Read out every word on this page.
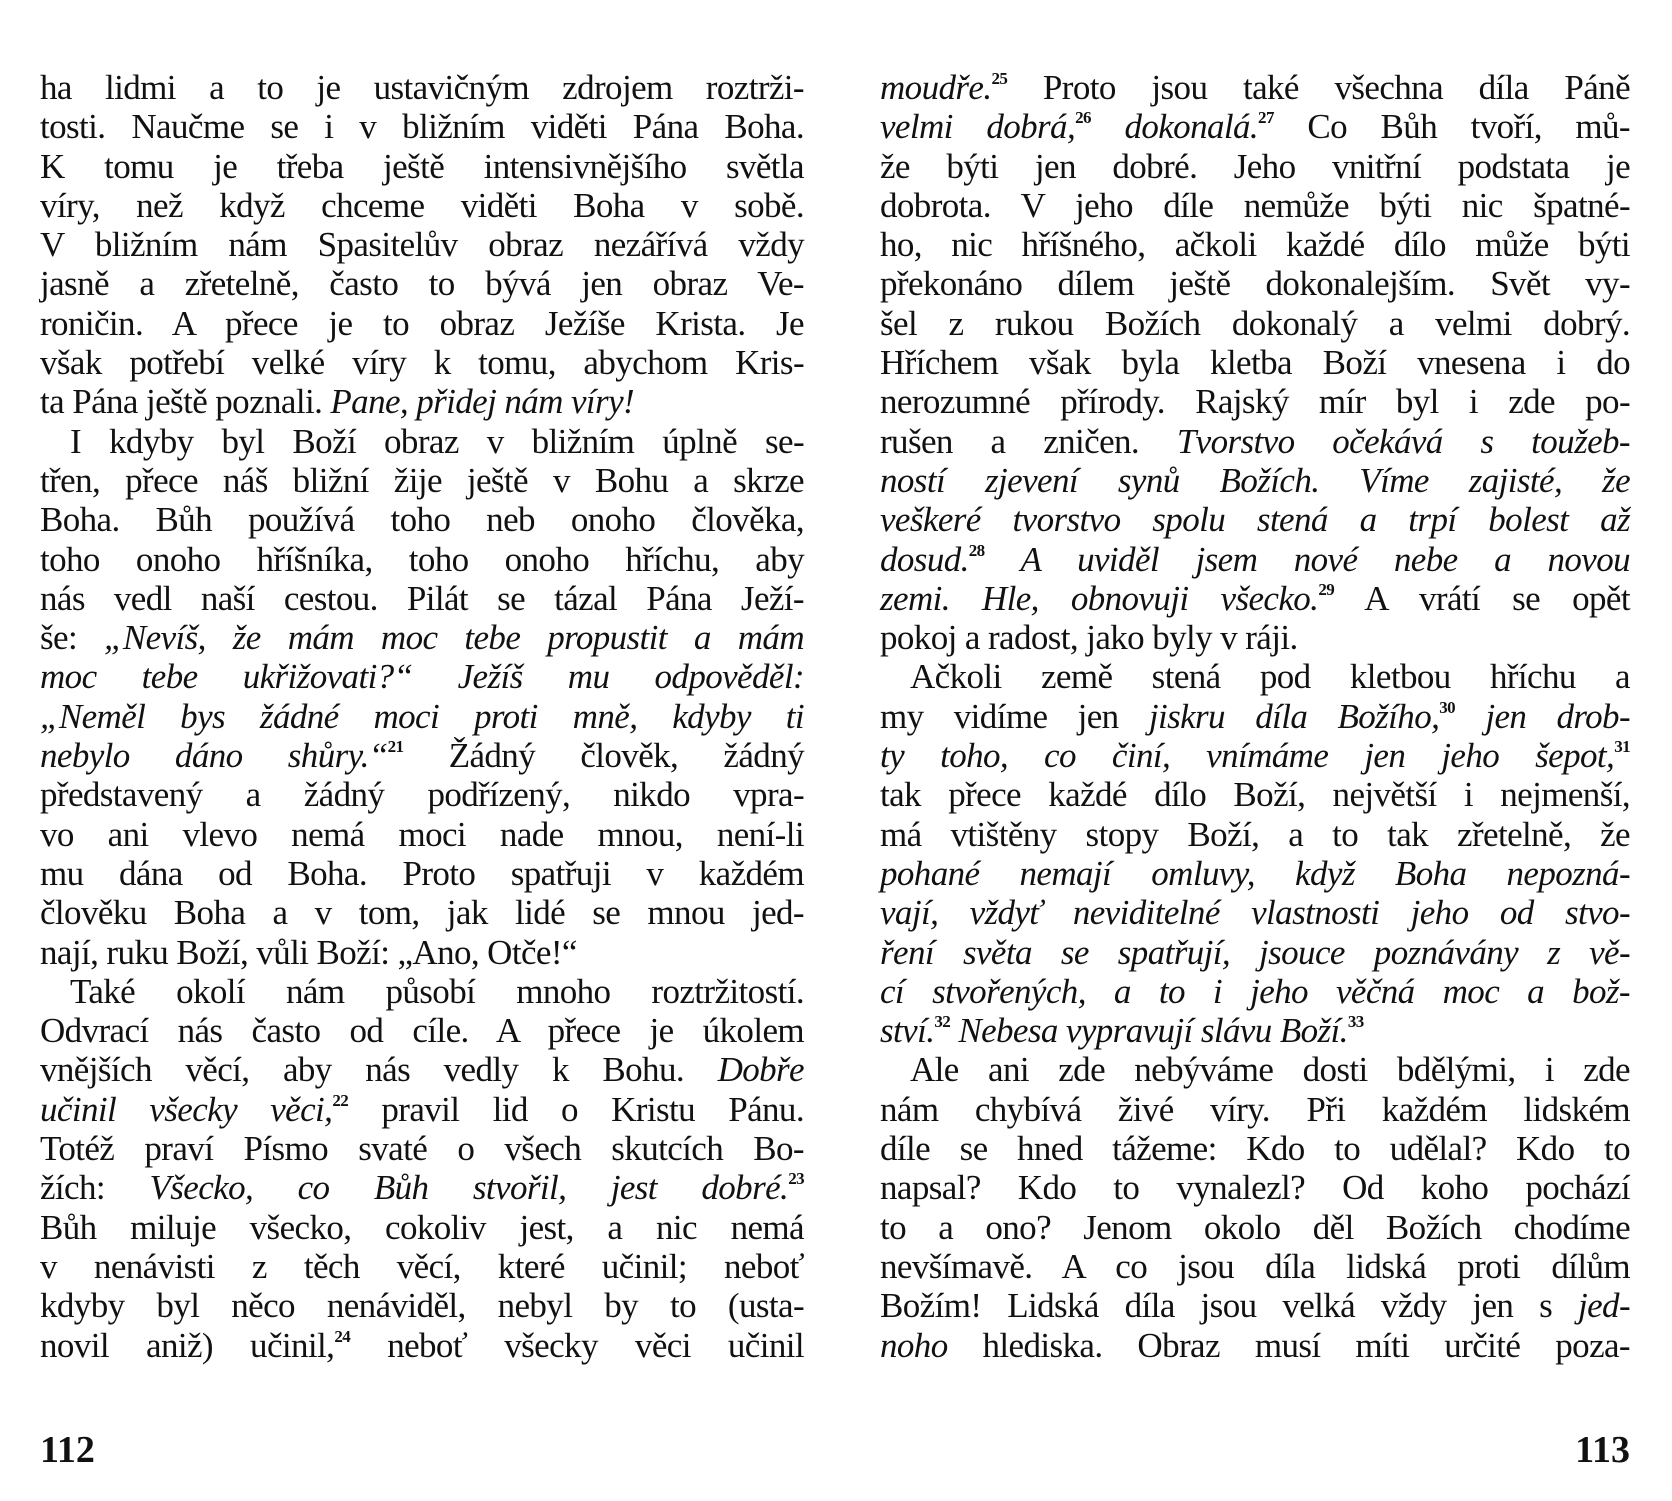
ha lidmi a to je ustavičným zdrojem roztrži-
tosti. Naučme se i v bližním viděti Pána Boha.
K tomu je třeba ještě intensivnějšího světla
víry, než když chceme viděti Boha v sobě.
V bližním nám Spasitelův obraz nezářívá vždy
jasně a zřetelně, často to bývá jen obraz Ve-
roničin. A přece je to obraz Ježíše Krista. Je
však potřebí velké víry k tomu, abychom Kris-
ta Pána ještě poznali. Pane, přidej nám víry!
I kdyby byl Boží obraz v bližním úplně se-
třen, přece náš bližní žije ještě v Bohu a skrze
Boha. Bůh používá toho neb onoho člověka,
toho onoho hříšníka, toho onoho hříchu, aby
nás vedl naší cestou. Pilát se tázal Pána Ježí-
še: „Nevíš, že mám moc tebe propustit a mám
moc tebe ukřižovati?“ Ježíš mu odpověděl:
„Neměl bys žádné moci proti mně, kdyby ti
nebylo dáno shůry.“$^{21}$ Žádný člověk, žádný
představený a žádný podřízený, nikdo vpra-
vo ani vlevo nemá moci nade mnou, není-li
mu dána od Boha. Proto spatřuji v každém
člověku Boha a v tom, jak lidé se mnou jed-
nají, ruku Boží, vůli Boží: „Ano, Otče!“
Také okolí nám působí mnoho roztržitostí.
Odvrací nás často od cíle. A přece je úkolem
vnějších věcí, aby nás vedly k Bohu. Dobře
učinil všecky věci,$^{22}$ pravil lid o Kristu Pánu.
Totéž praví Písmo svaté o všech skutcích Bo-
žích: Všecko, co Bůh stvořil, jest dobré.$^{23}$
Bůh miluje všecko, cokoliv jest, a nic nemá
v nenávisti z těch věcí, které učinil; neboť
kdyby byl něco nenáviděl, nebyl by to (usta-
novil aniž) učinil,$^{24}$ neboť všecky věci učinil
moudře.$^{25}$ Proto jsou také všechna díla Páně
velmi dobrá,$^{26}$ dokonalá.$^{27}$ Co Bůh tvoří, mů-
že býti jen dobré. Jeho vnitřní podstata je
dobrota. V jeho díle nemůže býti nic špatné-
ho, nic hříšného, ačkoli každé dílo může býti
překonáno dílem ještě dokonalejším. Svět vy-
šel z rukou Božích dokonalý a velmi dobrý.
Hříchem však byla kletba Boží vnesena i do
nerozumné přírody. Rajský mír byl i zde po-
rušen a zničen. Tvorstvo očekává s toužeb-
ností zjevení synů Božích. Víme zajisté, že
veškeré tvorstvo spolu stená a trpí bolest až
dosud.$^{28}$ A uviděl jsem nové nebe a novou
zemi. Hle, obnovuji všecko.$^{29}$ A vrátí se opět
pokoj a radost, jako byly v ráji.
Ačkoli země stená pod kletbou hříchu a
my vidíme jen jiskru díla Božího,$^{30}$ jen drob-
ty toho, co činí, vnímáme jen jeho šepot,$^{31}$
tak přece každé dílo Boží, největší i nejmenší,
má vtištěny stopy Boží, a to tak zřetelně, že
pohané nemají omluvy, když Boha nepozná-
vají, vždyť neviditelné vlastnosti jeho od stvo-
ření světa se spatřují, jsouce poznávány z vě-
cí stvořených, a to i jeho věčná moc a bož-
ství.$^{32}$ Nebesa vypravují slávu Boží.$^{33}$
Ale ani zde nebýváme dosti bdělými, i zde
nám chybívá živé víry. Při každém lidském
díle se hned tážeme: Kdo to udělal? Kdo to
napsal? Kdo to vynalezl? Od koho pochází
to a ono? Jenom okolo děl Božích chodíme
nevšímavě. A co jsou díla lidská proti dílům
Božím! Lidská díla jsou velká vždy jen s jed-
noho hlediska. Obraz musí míti určité poza-
112	113
